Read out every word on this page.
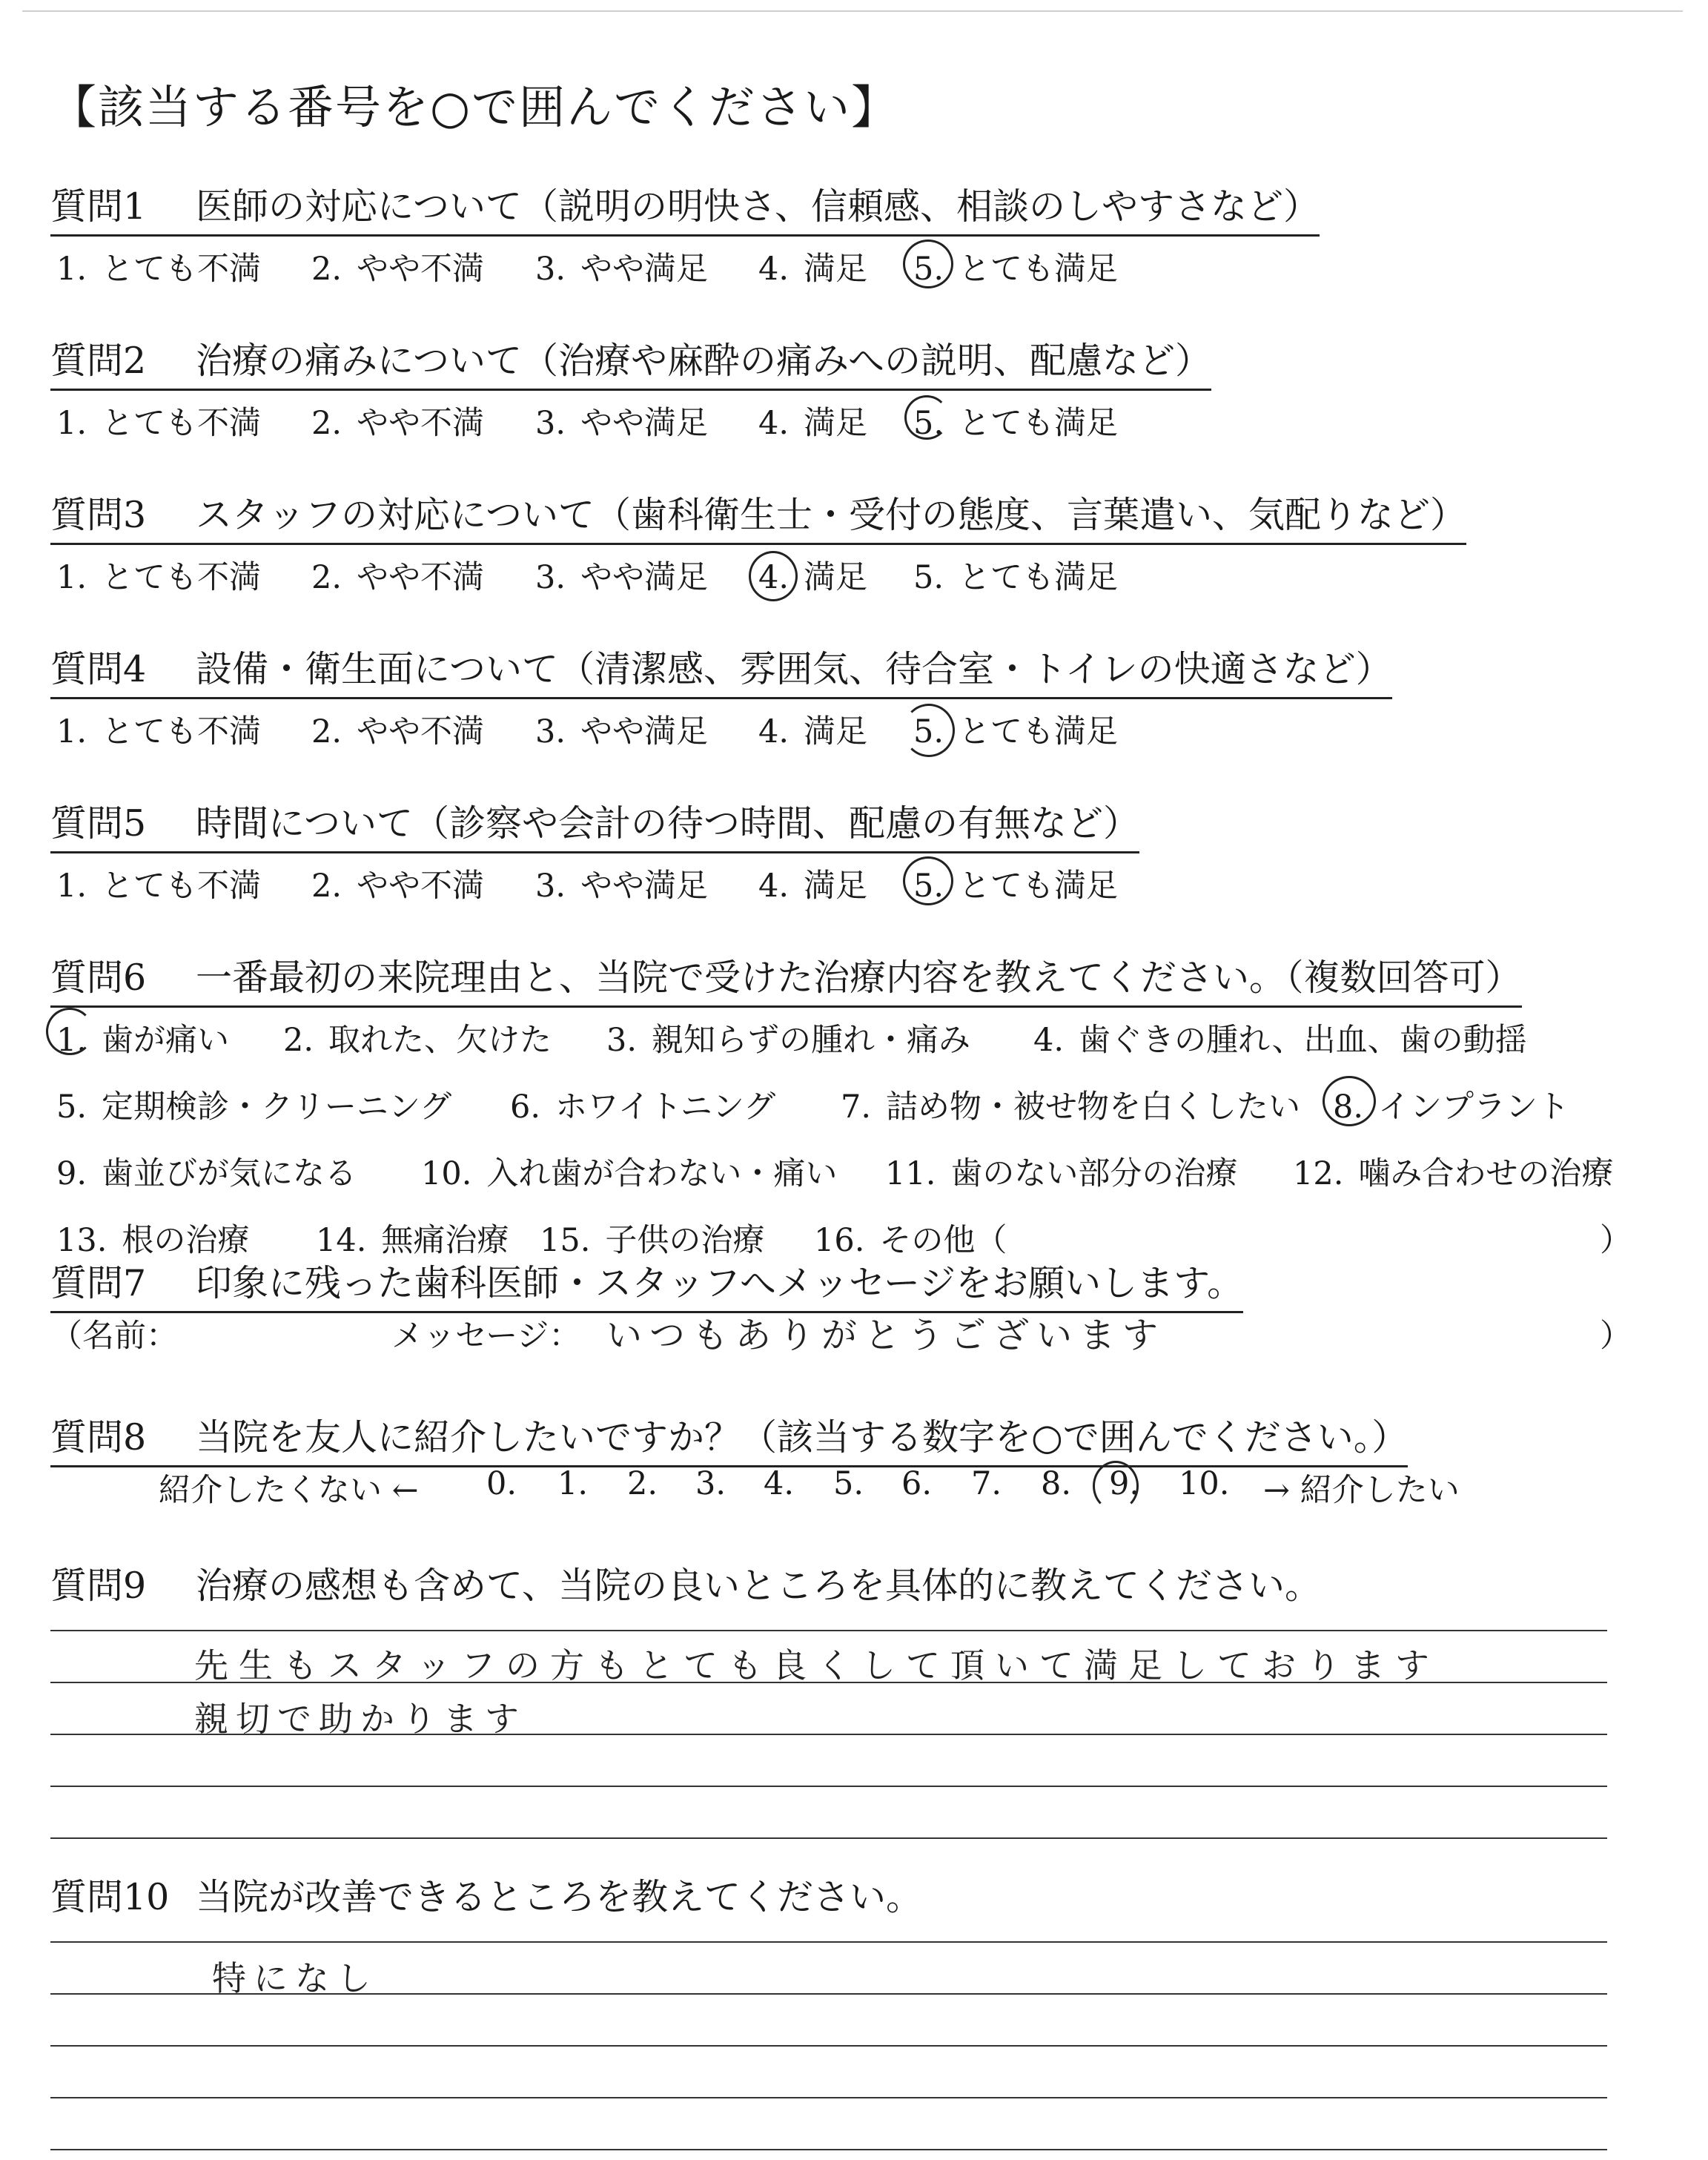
【該当する番号を○で囲んでください】
質問1 医師の対応について（説明の明快さ、信頼感、相談のしやすさなど）
1. とても不満 2. やや不満 3. やや満足 4. 満足 5. とても満足
質問2 治療の痛みについて（治療や麻酔の痛みへの説明、配慮など）
1. とても不満 2. やや不満 3. やや満足 4. 満足 5. とても満足
質問3 スタッフの対応について（歯科衛生士・受付の態度、言葉遣い、気配りなど）
1. とても不満 2. やや不満 3. やや満足 4. 満足 5. とても満足
質問4 設備・衛生面について（清潔感、雰囲気、待合室・トイレの快適さなど）
1. とても不満 2. やや不満 3. やや満足 4. 満足 5. とても満足
質問5 時間について（診察や会計の待つ時間、配慮の有無など）
1. とても不満 2. やや不満 3. やや満足 4. 満足 5. とても満足
質問6 一番最初の来院理由と、当院で受けた治療内容を教えてください。（複数回答可）
1. 歯が痛い 2. 取れた、欠けた 3. 親知らずの腫れ・痛み 4. 歯ぐきの腫れ、出血、歯の動揺
5. 定期検診・クリーニング 6. ホワイトニング 7. 詰め物・被せ物を白くしたい 8. インプラント
9. 歯並びが気になる 10. 入れ歯が合わない・痛い 11. 歯のない部分の治療 12. 噛み合わせの治療
13. 根の治療 14. 無痛治療 15. 子供の治療 16. その他（	）
質問7 印象に残った歯科医師・スタッフへメッセージをお願いします。
（名前：	メッセージ： いつもありがとうございます	）
質問8 当院を友人に紹介したいですか？（該当する数字を○で囲んでください。）
紹介したくない ← 0. 1. 2. 3. 4. 5. 6. 7. 8. 9. 10. → 紹介したい
質問9 治療の感想も含めて、当院の良いところを具体的に教えてください。
先生もスタッフの方もとても良くして頂いて満足しております
親切で助かります
質問10 当院が改善できるところを教えてください。
特になし
